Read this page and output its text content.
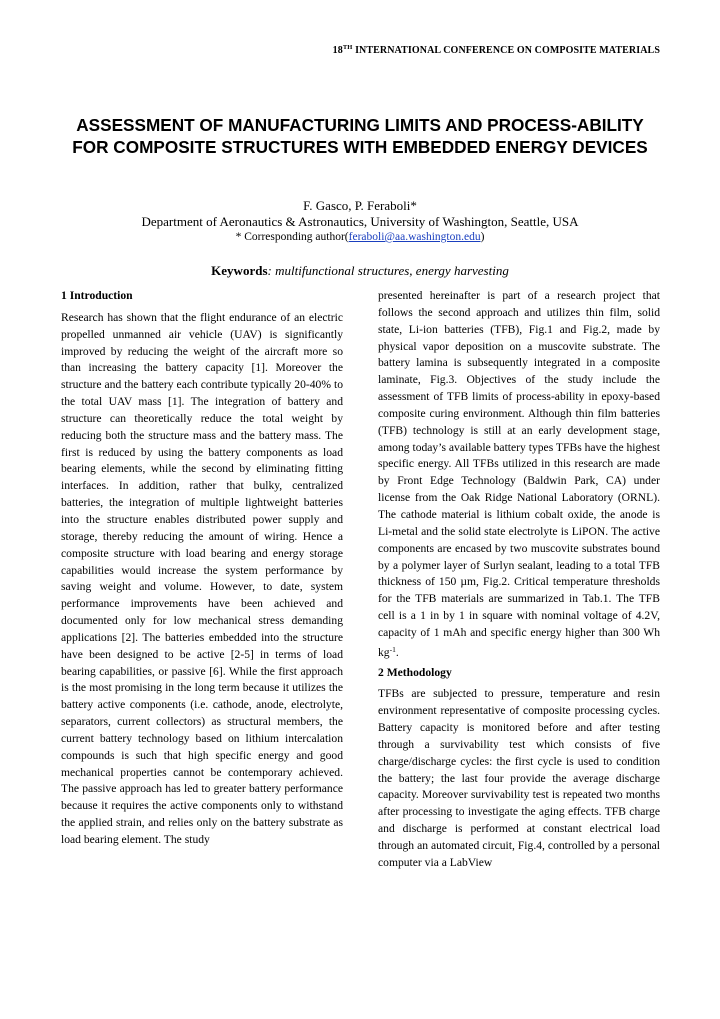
18TH INTERNATIONAL CONFERENCE ON COMPOSITE MATERIALS
ASSESSMENT OF MANUFACTURING LIMITS AND PROCESS-ABILITY FOR COMPOSITE STRUCTURES WITH EMBEDDED ENERGY DEVICES
F. Gasco, P. Feraboli*
Department of Aeronautics & Astronautics, University of Washington, Seattle, USA
* Corresponding author(feraboli@aa.washington.edu)
Keywords: multifunctional structures, energy harvesting
1 Introduction

Research has shown that the flight endurance of an electric propelled unmanned air vehicle (UAV) is significantly improved by reducing the weight of the aircraft more so than increasing the battery capacity [1]. Moreover the structure and the battery each contribute typically 20-40% to the total UAV mass [1]. The integration of battery and structure can theoretically reduce the total weight by reducing both the structure mass and the battery mass. The first is reduced by using the battery components as load bearing elements, while the second by eliminating fitting interfaces. In addition, rather that bulky, centralized batteries, the integration of multiple lightweight batteries into the structure enables distributed power supply and storage, thereby reducing the amount of wiring. Hence a composite structure with load bearing and energy storage capabilities would increase the system performance by saving weight and volume. However, to date, system performance improvements have been achieved and documented only for low mechanical stress demanding applications [2]. The batteries embedded into the structure have been designed to be active [2-5] in terms of load bearing capabilities, or passive [6]. While the first approach is the most promising in the long term because it utilizes the battery active components (i.e. cathode, anode, electrolyte, separators, current collectors) as structural members, the current battery technology based on lithium intercalation compounds is such that high specific energy and good mechanical properties cannot be contemporary achieved. The passive approach has led to greater battery performance because it requires the active components only to withstand the applied strain, and relies only on the battery substrate as load bearing element. The study

presented hereinafter is part of a research project that follows the second approach and utilizes thin film, solid state, Li-ion batteries (TFB), Fig.1 and Fig.2, made by physical vapor deposition on a muscovite substrate. The battery lamina is subsequently integrated in a composite laminate, Fig.3. Objectives of the study include the assessment of TFB limits of process-ability in epoxy-based composite curing environment. Although thin film batteries (TFB) technology is still at an early development stage, among today’s available battery types TFBs have the highest specific energy. All TFBs utilized in this research are made by Front Edge Technology (Baldwin Park, CA) under license from the Oak Ridge National Laboratory (ORNL). The cathode material is lithium cobalt oxide, the anode is Li-metal and the solid state electrolyte is LiPON. The active components are encased by two muscovite substrates bound by a polymer layer of Surlyn sealant, leading to a total TFB thickness of 150 µm, Fig.2. Critical temperature thresholds for the TFB materials are summarized in Tab.1. The TFB cell is a 1 in by 1 in square with nominal voltage of 4.2V, capacity of 1 mAh and specific energy higher than 300 Wh $kg^{-1}$.

2 Methodology

TFBs are subjected to pressure, temperature and resin environment representative of composite processing cycles. Battery capacity is monitored before and after testing through a survivability test which consists of five charge/discharge cycles: the first cycle is used to condition the battery; the last four provide the average discharge capacity. Moreover survivability test is repeated two months after processing to investigate the aging effects. TFB charge and discharge is performed at constant electrical load through an automated circuit, Fig.4, controlled by a personal computer via a LabView
